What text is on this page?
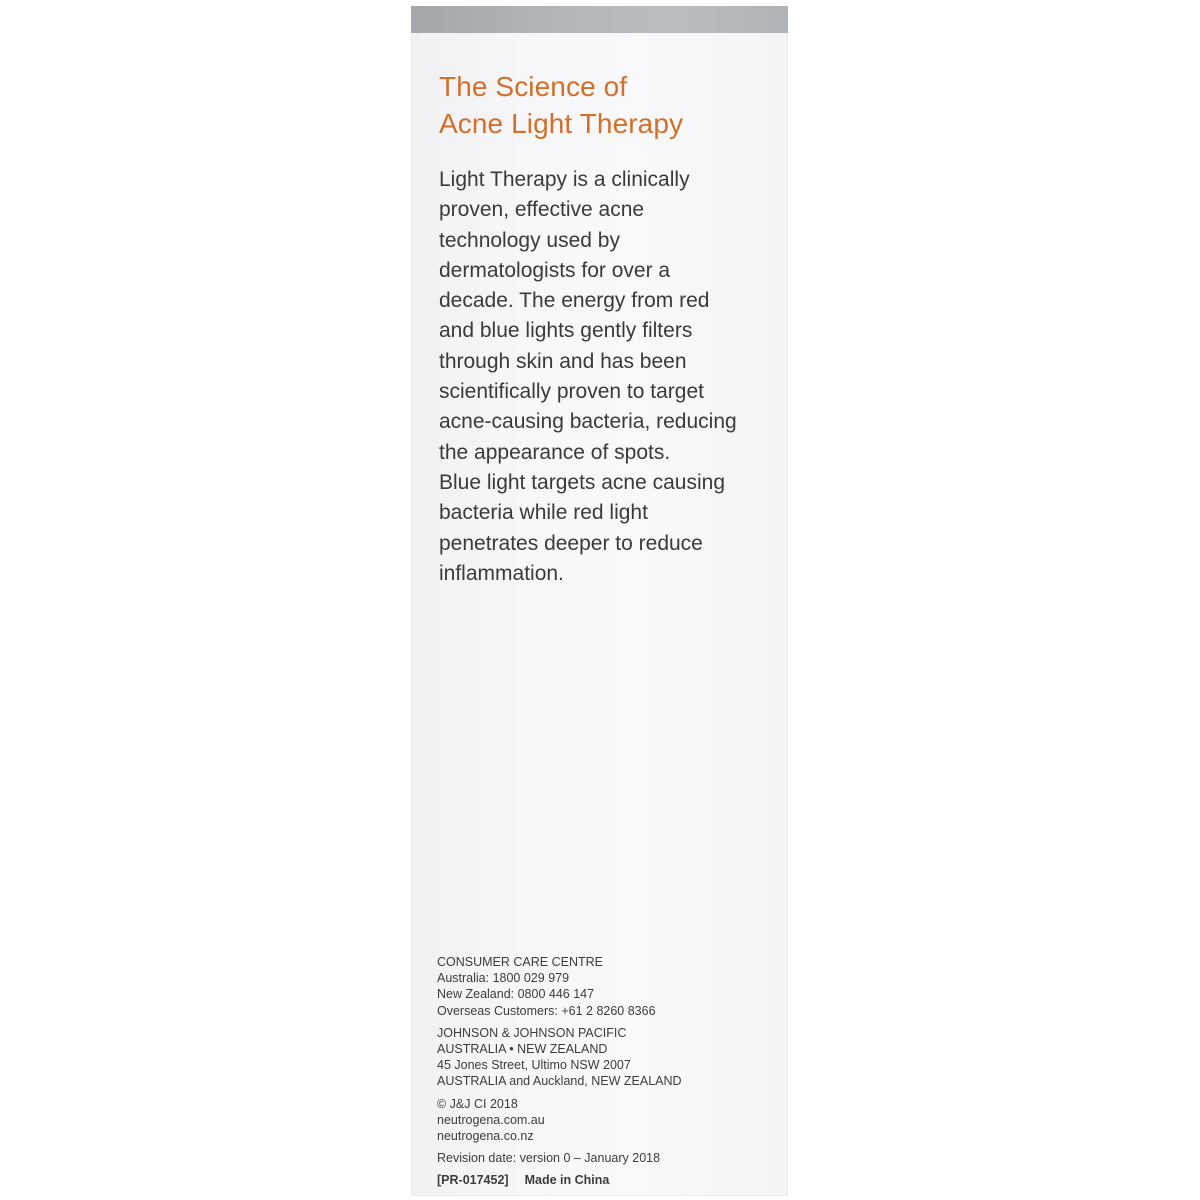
The Science of
Acne Light Therapy

Light Therapy is a clinically
proven, effective acne
technology used by
dermatologists for over a
decade. The energy from red
and blue lights gently filters
through skin and has been
scientifically proven to target
acne-causing bacteria, reducing
the appearance of spots.
Blue light targets acne causing
bacteria while red light
penetrates deeper to reduce
inflammation.

CONSUMER CARE CENTRE
Australia: 1800 029 979
New Zealand: 0800 446 147
Overseas Customers: +61 2 8260 8366
JOHNSON & JOHNSON PACIFIC
AUSTRALIA • NEW ZEALAND
45 Jones Street, Ultimo NSW 2007
AUSTRALIA and Auckland, NEW ZEALAND
© J&J CI 2018
neutrogena.com.au
neutrogena.co.nz
Revision date: version 0 – January 2018
[PR-017452] Made in China
